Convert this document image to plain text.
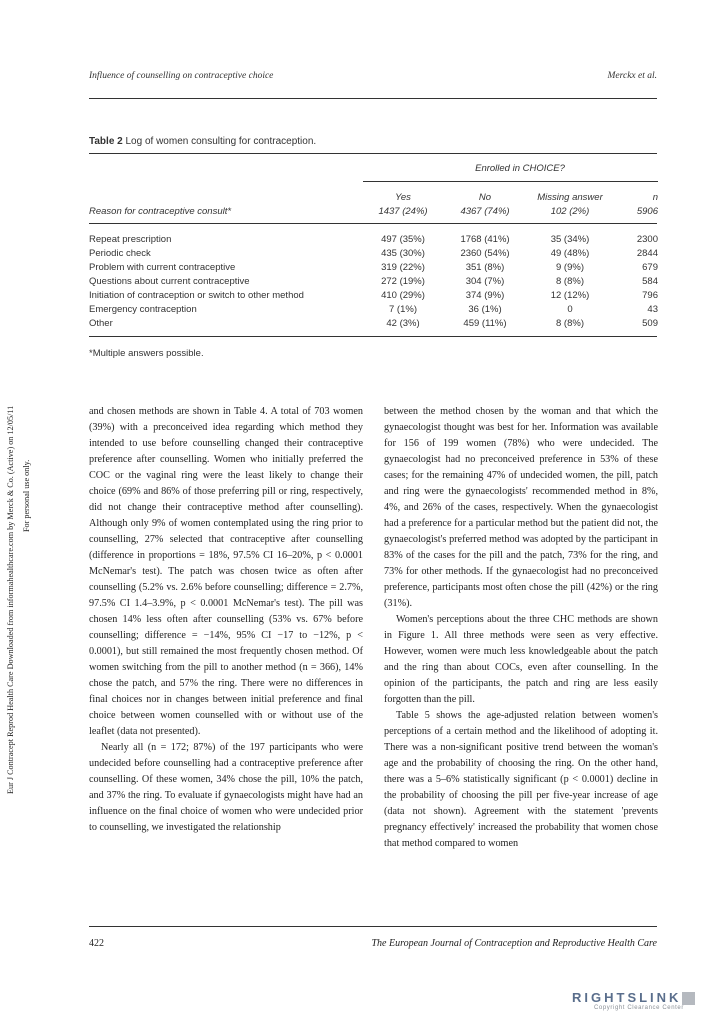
Eur J Contracept Reprod Health Care Downloaded from informahealthcare.com by Merck & Co. (Active) on 12/05/11 For personal use only.
Influence of counselling on contraceptive choice	Merckx et al.
Table 2 Log of women consulting for contraception.
Enrolled in CHOICE?
Yes	No	Missing answer	n
Reason for contraceptive consult*	1437 (24%)	4367 (74%)	102 (2%)	5906
Repeat prescription	497 (35%)	1768 (41%)	35 (34%)	2300
Periodic check	435 (30%)	2360 (54%)	49 (48%)	2844
Problem with current contraceptive	319 (22%)	351 (8%)	9 (9%)	679
Questions about current contraceptive	272 (19%)	304 (7%)	8 (8%)	584
Initiation of contraception or switch to other method	410 (29%)	374 (9%)	12 (12%)	796
Emergency contraception	7 (1%)	36 (1%)	0	43
Other	42 (3%)	459 (11%)	8 (8%)	509
*Multiple answers possible.

and chosen methods are shown in Table 4. A total of 703 women (39%) with a preconceived idea regarding which method they intended to use before counselling changed their contraceptive preference after counselling. Women who initially preferred the COC or the vaginal ring were the least likely to change their choice (69% and 86% of those preferring pill or ring, respectively, did not change their contraceptive method after counselling). Although only 9% of women contemplated using the ring prior to counselling, 27% selected that contraceptive after counselling (difference in proportions = 18%, 97.5% CI 16–20%, p < 0.0001 McNemar's test). The patch was chosen twice as often after counselling (5.2% vs. 2.6% before counselling; difference = 2.7%, 97.5% CI 1.4–3.9%, p < 0.0001 McNemar's test). The pill was chosen 14% less often after counselling (53% vs. 67% before counselling; difference = −14%, 95% CI −17 to −12%, p < 0.0001), but still remained the most frequently chosen method. Of women switching from the pill to another method (n = 366), 14% chose the patch, and 57% the ring. There were no differences in final choices nor in changes between initial preference and final choice between women counselled with or without use of the leaflet (data not presented).

Nearly all (n = 172; 87%) of the 197 participants who were undecided before counselling had a contraceptive preference after counselling. Of these women, 34% chose the pill, 10% the patch, and 37% the ring. To evaluate if gynaecologists might have had an influence on the final choice of women who were undecided prior to counselling, we investigated the relationship

between the method chosen by the woman and that which the gynaecologist thought was best for her. Information was available for 156 of 199 women (78%) who were undecided. The gynaecologist had no preconceived preference in 53% of these cases; for the remaining 47% of undecided women, the pill, patch and ring were the gynaecologists' recommended method in 8%, 4%, and 26% of the cases, respectively. When the gynaecologist had a preference for a particular method but the patient did not, the gynaecologist's preferred method was adopted by the participant in 83% of the cases for the pill and the patch, 73% for the ring, and 73% for other methods. If the gynaecologist had no preconceived preference, participants most often chose the pill (42%) or the ring (31%).

Women's perceptions about the three CHC methods are shown in Figure 1. All three methods were seen as very effective. However, women were much less knowledgeable about the patch and the ring than about COCs, even after counselling. In the opinion of the participants, the patch and ring are less easily forgotten than the pill.

Table 5 shows the age-adjusted relation between women's perceptions of a certain method and the likelihood of adopting it. There was a non-significant positive trend between the woman's age and the probability of choosing the ring. On the other hand, there was a 5–6% statistically significant (p < 0.0001) decline in the probability of choosing the pill per five-year increase of age (data not shown). Agreement with the statement 'prevents pregnancy effectively' increased the probability that women chose that method compared to women

422	The European Journal of Contraception and Reproductive Health Care
RIGHTSLINK
Copyright Clearance Center
